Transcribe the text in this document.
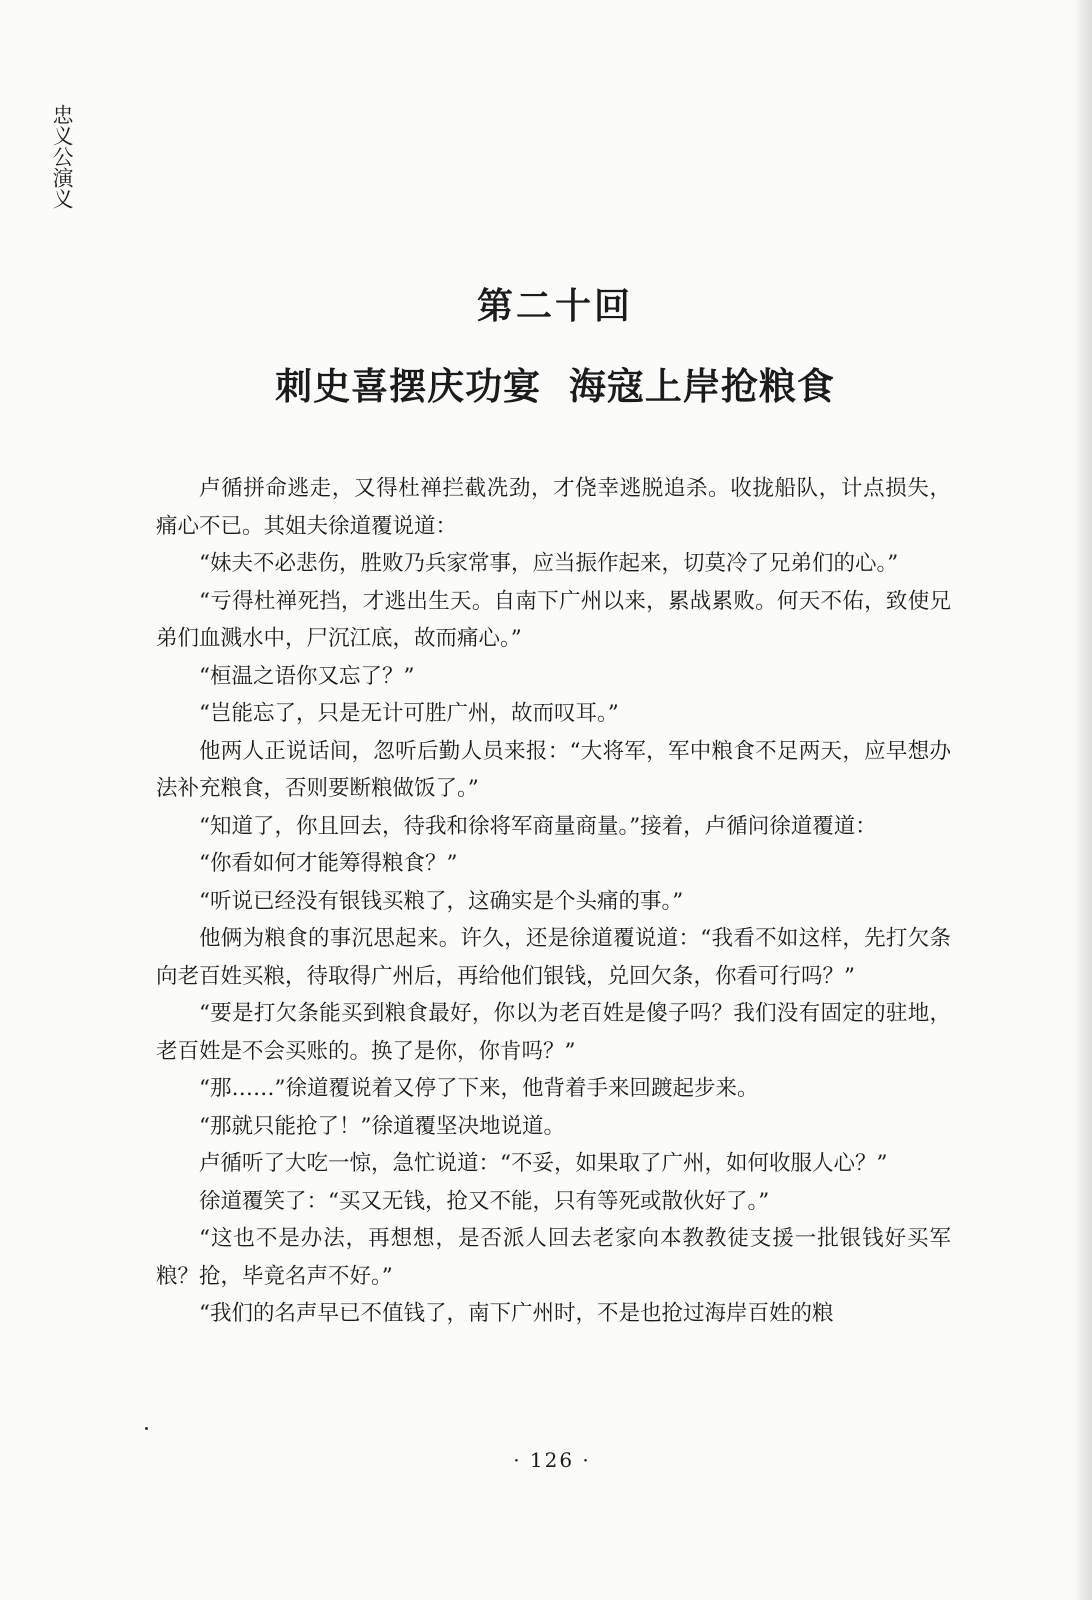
忠义公演义
第二十回
刺史喜摆庆功宴  海寇上岸抢粮食

卢循拼命逃走，又得杜禅拦截冼劲，才侥幸逃脱追杀。收拢船队，计点损失，痛心不已。其姐夫徐道覆说道：

“妹夫不必悲伤，胜败乃兵家常事，应当振作起来，切莫冷了兄弟们的心。”

“亏得杜禅死挡，才逃出生天。自南下广州以来，累战累败。何天不佑，致使兄弟们血溅水中，尸沉江底，故而痛心。”

“桓温之语你又忘了？”

“岂能忘了，只是无计可胜广州，故而叹耳。”

他两人正说话间，忽听后勤人员来报：“大将军，军中粮食不足两天，应早想办法补充粮食，否则要断粮做饭了。”

“知道了，你且回去，待我和徐将军商量商量。”接着，卢循问徐道覆道：

“你看如何才能筹得粮食？”

“听说已经没有银钱买粮了，这确实是个头痛的事。”

他俩为粮食的事沉思起来。许久，还是徐道覆说道：“我看不如这样，先打欠条向老百姓买粮，待取得广州后，再给他们银钱，兑回欠条，你看可行吗？”

“要是打欠条能买到粮食最好，你以为老百姓是傻子吗？我们没有固定的驻地，老百姓是不会买账的。换了是你，你肯吗？”

“那……”徐道覆说着又停了下来，他背着手来回踱起步来。

“那就只能抢了！”徐道覆坚决地说道。

卢循听了大吃一惊，急忙说道：“不妥，如果取了广州，如何收服人心？”

徐道覆笑了：“买又无钱，抢又不能，只有等死或散伙好了。”

“这也不是办法，再想想，是否派人回去老家向本教教徒支援一批银钱好买军粮？抢，毕竟名声不好。”

“我们的名声早已不值钱了，南下广州时，不是也抢过海岸百姓的粮

· 126 ·
